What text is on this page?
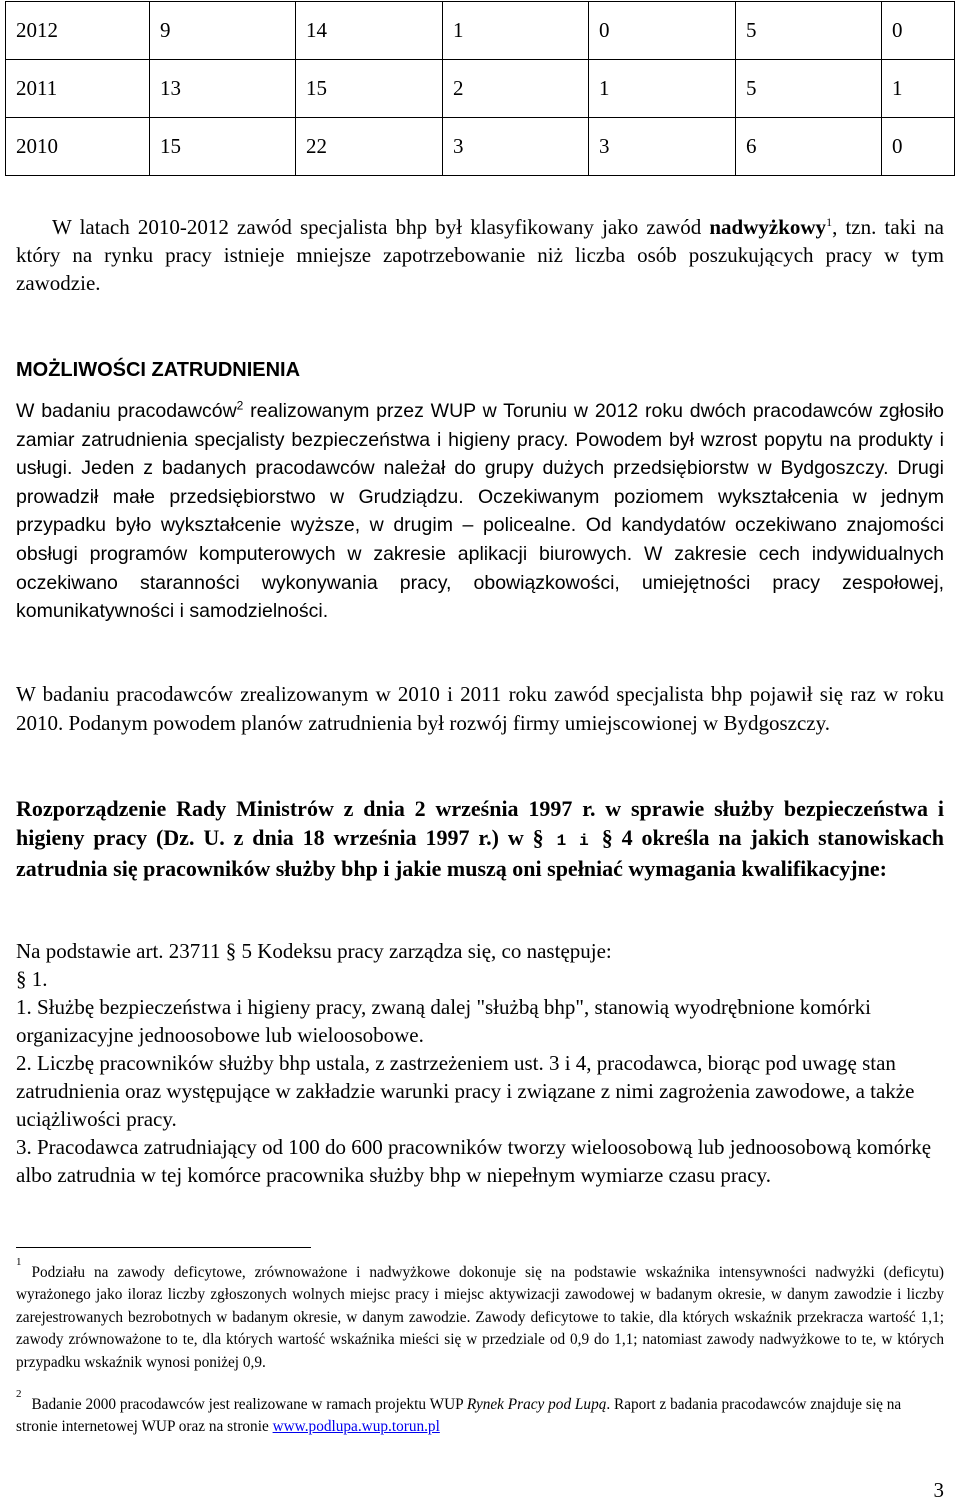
2012	9	14	1	0	5	0
2011	13	15	2	1	5	1
2010	15	22	3	3	6	0

W latach 2010-2012 zawód specjalista bhp był klasyfikowany jako zawód nadwyżkowy$^1$, tzn. taki na który na rynku pracy istnieje mniejsze zapotrzebowanie niż liczba osób poszukujących pracy w tym zawodzie.

MOŻLIWOŚCI ZATRUDNIENIA

W badaniu pracodawców$^2$ realizowanym przez WUP w Toruniu w 2012 roku dwóch pracodawców zgłosiło zamiar zatrudnienia specjalisty bezpieczeństwa i higieny pracy. Powodem był wzrost popytu na produkty i usługi. Jeden z badanych pracodawców należał do grupy dużych przedsiębiorstw w Bydgoszczy. Drugi prowadził małe przedsiębiorstwo w Grudziądzu. Oczekiwanym poziomem wykształcenia w jednym przypadku było wykształcenie wyższe, w drugim – policealne. Od kandydatów oczekiwano znajomości obsługi programów komputerowych w zakresie aplikacji biurowych. W zakresie cech indywidualnych oczekiwano staranności wykonywania pracy, obowiązkowości, umiejętności pracy zespołowej, komunikatywności i samodzielności.

W badaniu pracodawców zrealizowanym w 2010 i 2011 roku zawód specjalista bhp pojawił się raz w roku 2010. Podanym powodem planów zatrudnienia był rozwój firmy umiejscowionej w Bydgoszczy.

Rozporządzenie Rady Ministrów z dnia 2 września 1997 r. w sprawie służby bezpieczeństwa i higieny pracy (Dz. U. z dnia 18 września 1997 r.) w § 1 i § 4 określa na jakich stanowiskach zatrudnia się pracowników służby bhp i jakie muszą oni spełniać wymagania kwalifikacyjne:

Na podstawie art. 23711 § 5 Kodeksu pracy zarządza się, co następuje:

§ 1.

1. Służbę bezpieczeństwa i higieny pracy, zwaną dalej "służbą bhp", stanowią wyodrębnione komórki organizacyjne jednoosobowe lub wieloosobowe.

2. Liczbę pracowników służby bhp ustala, z zastrzeżeniem ust. 3 i 4, pracodawca, biorąc pod uwagę stan zatrudnienia oraz występujące w zakładzie warunki pracy i związane z nimi zagrożenia zawodowe, a także uciążliwości pracy.

3. Pracodawca zatrudniający od 100 do 600 pracowników tworzy wieloosobową lub jednoosobową komórkę albo zatrudnia w tej komórce pracownika służby bhp w niepełnym wymiarze czasu pracy.

$^1$Podziału na zawody deficytowe, zrównoważone i nadwyżkowe dokonuje się na podstawie wskaźnika intensywności nadwyżki (deficytu) wyrażonego jako iloraz liczby zgłoszonych wolnych miejsc pracy i miejsc aktywizacji zawodowej w badanym okresie, w danym zawodzie i liczby zarejestrowanych bezrobotnych w badanym okresie, w danym zawodzie. Zawody deficytowe to takie, dla których wskaźnik przekracza wartość 1,1; zawody zrównoważone to te, dla których wartość wskaźnika mieści się w przedziale od 0,9 do 1,1; natomiast zawody nadwyżkowe to te, w których przypadku wskaźnik wynosi poniżej 0,9.

$^2$Badanie 2000 pracodawców jest realizowane w ramach projektu WUP Rynek Pracy pod Lupą. Raport z badania pracodawców znajduje się na stronie internetowej WUP oraz na stronie www.podlupa.wup.torun.pl

3
